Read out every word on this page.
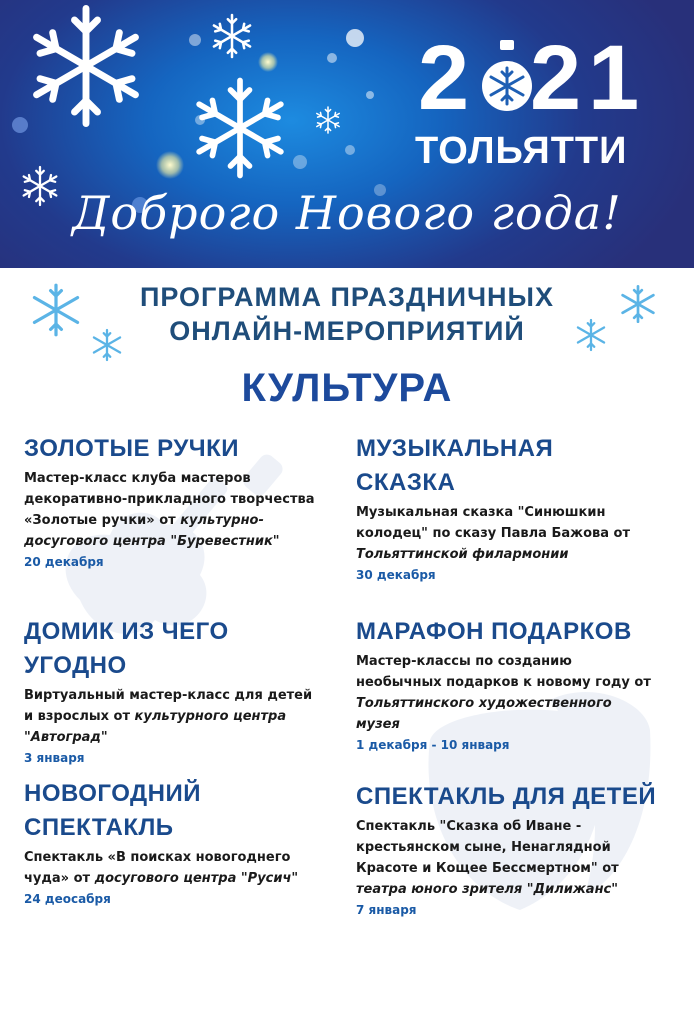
2 2 1
ТОЛЬЯТТИ
Доброго Нового года!
ПРОГРАММА ПРАЗДНИЧНЫХ
ОНЛАЙН-МЕРОПРИЯТИЙ
КУЛЬТУРА
ЗОЛОТЫЕ РУЧКИ
Мастер-класс клуба мастеров декоративно-прикладного творчества «Золотые ручки» от культурно-досугового центра "Буревестник"
20 декабря
МУЗЫКАЛЬНАЯ
СКАЗКА
Музыкальная сказка "Синюшкин колодец" по сказу Павла Бажова от Тольяттинской филармонии
30 декабря
ДОМИК ИЗ ЧЕГО
УГОДНО
Виртуальный мастер-класс для детей и взрослых от культурного центра "Автоград"
3 января
МАРАФОН ПОДАРКОВ
Мастер-классы по созданию необычных подарков к новому году от Тольяттинского художественного музея
1 декабря - 10 января
НОВОГОДНИЙ
СПЕКТАКЛЬ
Спектакль «В поисках новогоднего чуда» от досугового центра "Русич"
24 деосабря
СПЕКТАКЛЬ ДЛЯ ДЕТЕЙ
Спектакль "Сказка об Иване - крестьянском сыне, Ненаглядной Красоте и Кощее Бессмертном" от театра юного зрителя "Дилижанс"
7 января
